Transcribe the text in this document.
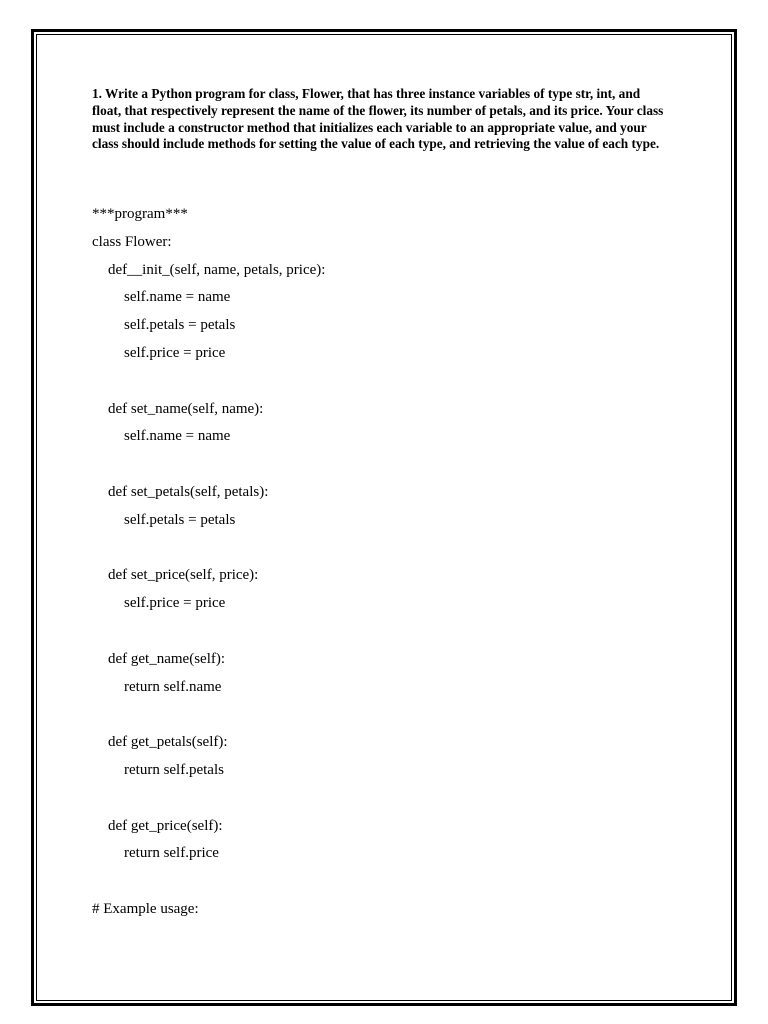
1. Write a Python program for class, Flower, that has three instance variables of type str, int, and float, that respectively represent the name of the flower, its number of petals, and its price. Your class must include a constructor method that initializes each variable to an appropriate value, and your class should include methods for setting the value of each type, and retrieving the value of each type.

***program***
class Flower:
def__init_(self, name, petals, price):
self.name = name
self.petals = petals
self.price = price
def set_name(self, name):
self.name = name
def set_petals(self, petals):
self.petals = petals
def set_price(self, price):
self.price = price
def get_name(self):
return self.name
def get_petals(self):
return self.petals
def get_price(self):
return self.price
# Example usage:
